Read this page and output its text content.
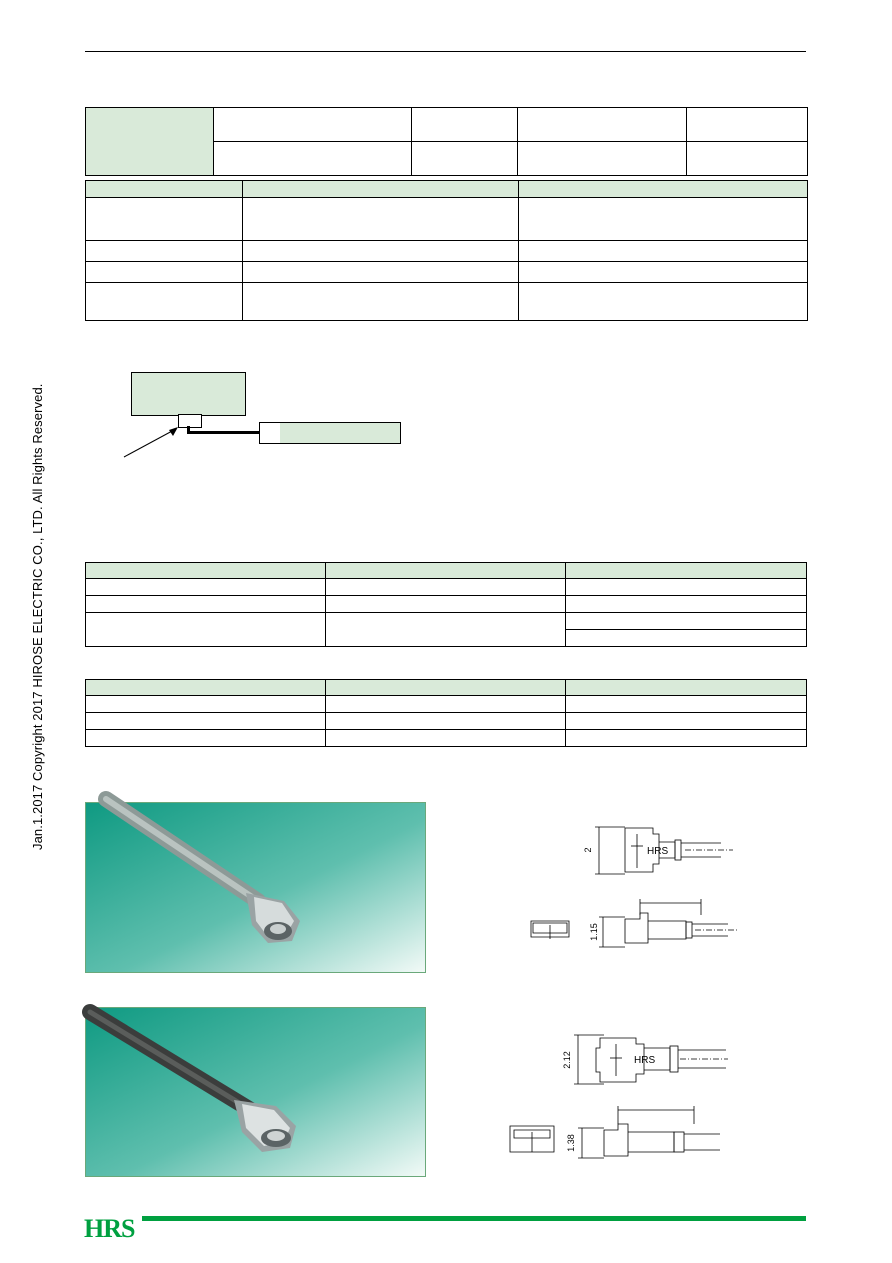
Jan.1.2017 Copyright 2017 HIROSE ELECTRIC CO., LTD. All Rights Reserved.

			2	HRS
1.15
2.12	HRS
1.38
HRS
